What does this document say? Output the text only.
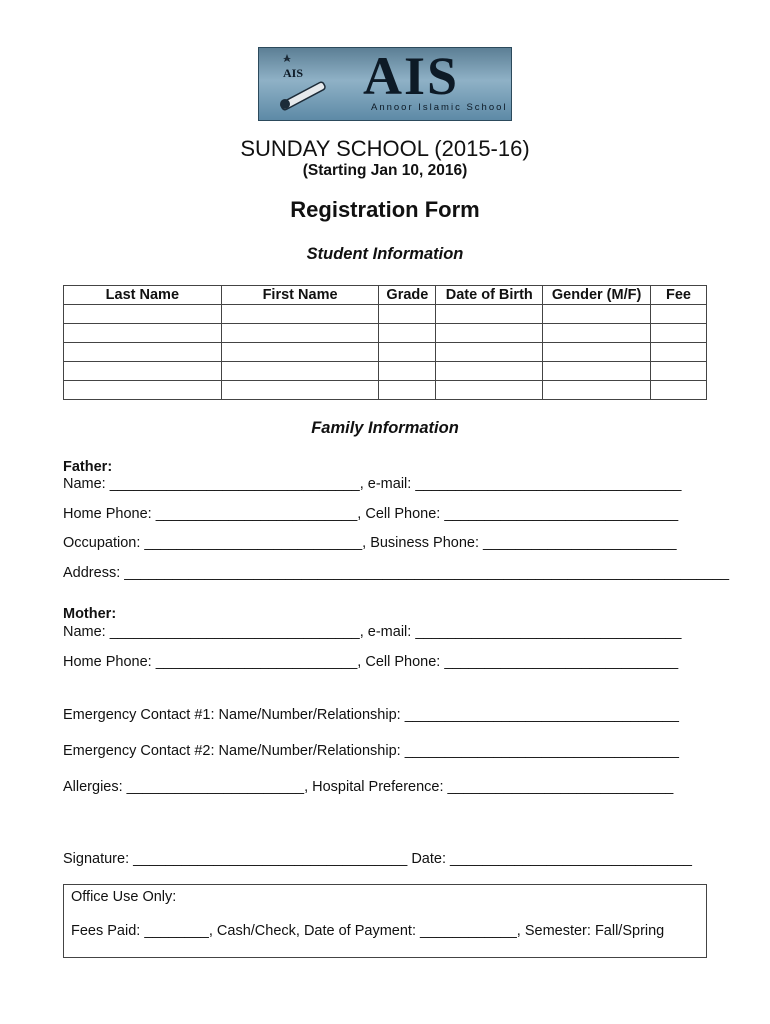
AIS AIS
Annoor Islamic School
SUNDAY SCHOOL (2015-16)
(Starting Jan 10, 2016)
Registration Form
Student Information
Last Name	First Name	Grade	Date of Birth	Gender (M/F)	Fee

Family Information
Father:
Name: _______________________________, e-mail: _________________________________
Home Phone: _________________________, Cell Phone: _____________________________
Occupation: ___________________________, Business Phone: ________________________
Address: ___________________________________________________________________________
Mother:
Name: _______________________________, e-mail: _________________________________
Home Phone: _________________________, Cell Phone: _____________________________
Emergency Contact #1: Name/Number/Relationship: __________________________________
Emergency Contact #2: Name/Number/Relationship: __________________________________
Allergies: ______________________, Hospital Preference: ____________________________
Signature: __________________________________ Date: ______________________________
Office Use Only:
Fees Paid: ________, Cash/Check, Date of Payment: ____________, Semester: Fall/Spring
